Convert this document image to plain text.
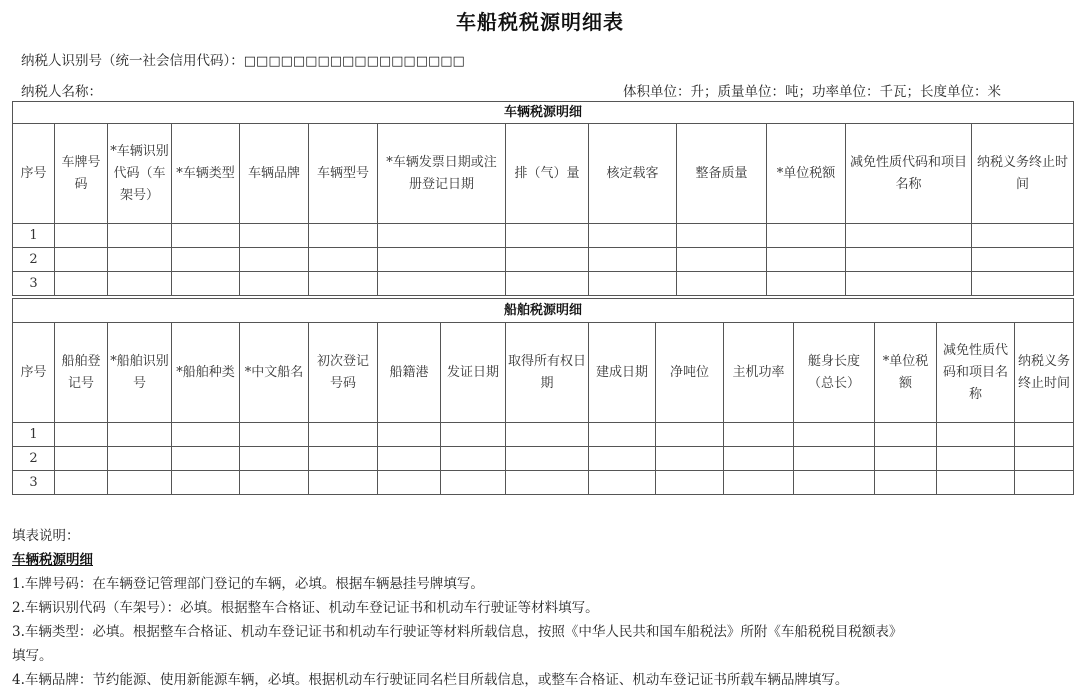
车船税税源明细表
纳税人识别号（统一社会信用代码）：□□□□□□□□□□□□□□□□□□
纳税人名称：	体积单位：升；质量单位：吨；功率单位：千瓦；长度单位：米
车辆税源明细												

序号	车牌号码	*车辆识别代码（车架号）	*车辆类型	车辆品牌	车辆型号	*车辆发票日期或注册登记日期	排（气）量	核定载客	整备质量	*单位税额	减免性质代码和项目名称	纳税义务终止时间

1												
2												
3												
船舶税源明细															

序号	船舶登记号	*船舶识别号	*船舶种类	*中文船名	初次登记号码	船籍港	发证日期	取得所有权日期	建成日期	净吨位	主机功率	艇身长度（总长）	*单位税额	减免性质代码和项目名称	纳税义务终止时间

1															
2															
3															

填表说明：

车辆税源明细

1.车牌号码：在车辆登记管理部门登记的车辆，必填。根据车辆悬挂号牌填写。

2.车辆识别代码（车架号）：必填。根据整车合格证、机动车登记证书和机动车行驶证等材料填写。

3.车辆类型：必填。根据整车合格证、机动车登记证书和机动车行驶证等材料所载信息，按照《中华人民共和国车船税法》所附《车船税税目税额表》

填写。

4.车辆品牌：节约能源、使用新能源车辆，必填。根据机动车行驶证同名栏目所载信息，或整车合格证、机动车登记证书所载车辆品牌填写。
